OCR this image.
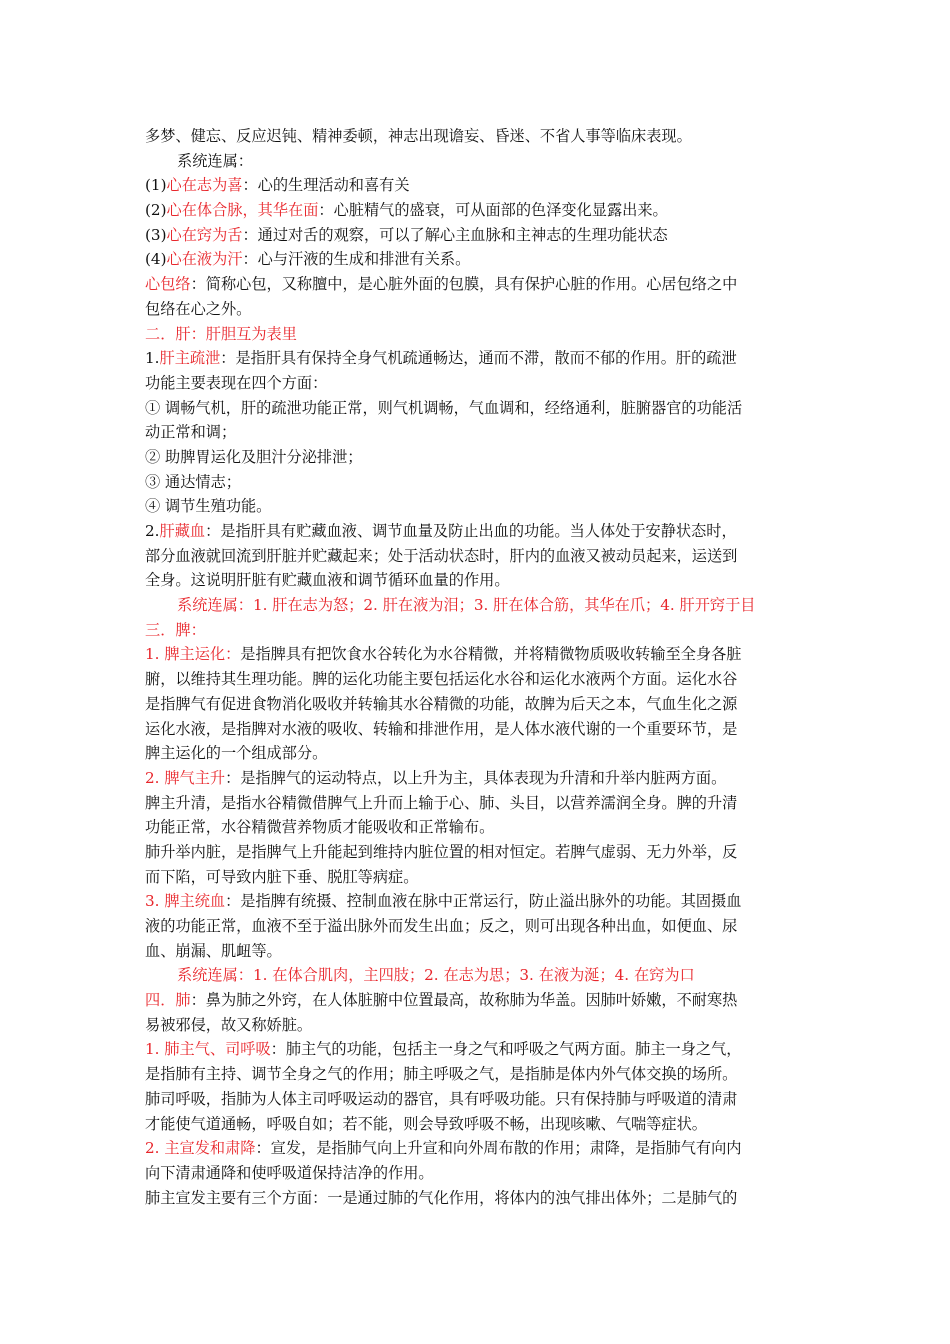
多梦、健忘、反应迟钝、精神委顿，神志出现谵妄、昏迷、不省人事等临床表现。
系统连属：
(1)心在志为喜：心的生理活动和喜有关
(2)心在体合脉，其华在面：心脏精气的盛衰，可从面部的色泽变化显露出来。
(3)心在窍为舌：通过对舌的观察，可以了解心主血脉和主神志的生理功能状态
(4)心在液为汗：心与汗液的生成和排泄有关系。
心包络：简称心包，又称膻中，是心脏外面的包膜，具有保护心脏的作用。心居包络之中
包络在心之外。
二．肝：肝胆互为表里
1.肝主疏泄：是指肝具有保持全身气机疏通畅达，通而不滞，散而不郁的作用。肝的疏泄
功能主要表现在四个方面：
① 调畅气机，肝的疏泄功能正常，则气机调畅，气血调和，经络通利，脏腑器官的功能活
动正常和调；
② 助脾胃运化及胆汁分泌排泄；
③ 通达情志；
④ 调节生殖功能。
2.肝藏血：是指肝具有贮藏血液、调节血量及防止出血的功能。当人体处于安静状态时，
部分血液就回流到肝脏并贮藏起来；处于活动状态时，肝内的血液又被动员起来，运送到
全身。这说明肝脏有贮藏血液和调节循环血量的作用。
系统连属：1. 肝在志为怒；2. 肝在液为泪；3. 肝在体合筋，其华在爪；4. 肝开窍于目
三．脾：
1. 脾主运化：是指脾具有把饮食水谷转化为水谷精微，并将精微物质吸收转输至全身各脏
腑，以维持其生理功能。脾的运化功能主要包括运化水谷和运化水液两个方面。运化水谷
是指脾气有促进食物消化吸收并转输其水谷精微的功能，故脾为后天之本，气血生化之源
运化水液，是指脾对水液的吸收、转输和排泄作用，是人体水液代谢的一个重要环节，是
脾主运化的一个组成部分。
2. 脾气主升：是指脾气的运动特点，以上升为主，具体表现为升清和升举内脏两方面。
脾主升清，是指水谷精微借脾气上升而上输于心、肺、头目，以营养濡润全身。脾的升清
功能正常，水谷精微营养物质才能吸收和正常输布。
肺升举内脏，是指脾气上升能起到维持内脏位置的相对恒定。若脾气虚弱、无力外举，反
而下陷，可导致内脏下垂、脱肛等病症。
3. 脾主统血：是指脾有统摄、控制血液在脉中正常运行，防止溢出脉外的功能。其固摄血
液的功能正常，血液不至于溢出脉外而发生出血；反之，则可出现各种出血，如便血、尿
血、崩漏、肌衄等。
系统连属：1. 在体合肌肉，主四肢；2. 在志为思；3. 在液为涎；4. 在窍为口
四．肺：鼻为肺之外窍，在人体脏腑中位置最高，故称肺为华盖。因肺叶娇嫩，不耐寒热
易被邪侵，故又称娇脏。
1. 肺主气、司呼吸：肺主气的功能，包括主一身之气和呼吸之气两方面。肺主一身之气，
是指肺有主持、调节全身之气的作用；肺主呼吸之气，是指肺是体内外气体交换的场所。
肺司呼吸，指肺为人体主司呼吸运动的器官，具有呼吸功能。只有保持肺与呼吸道的清肃
才能使气道通畅，呼吸自如；若不能，则会导致呼吸不畅，出现咳嗽、气喘等症状。
2. 主宣发和肃降：宣发，是指肺气向上升宣和向外周布散的作用；肃降，是指肺气有向内
向下清肃通降和使呼吸道保持洁净的作用。
肺主宣发主要有三个方面：一是通过肺的气化作用，将体内的浊气排出体外；二是肺气的
